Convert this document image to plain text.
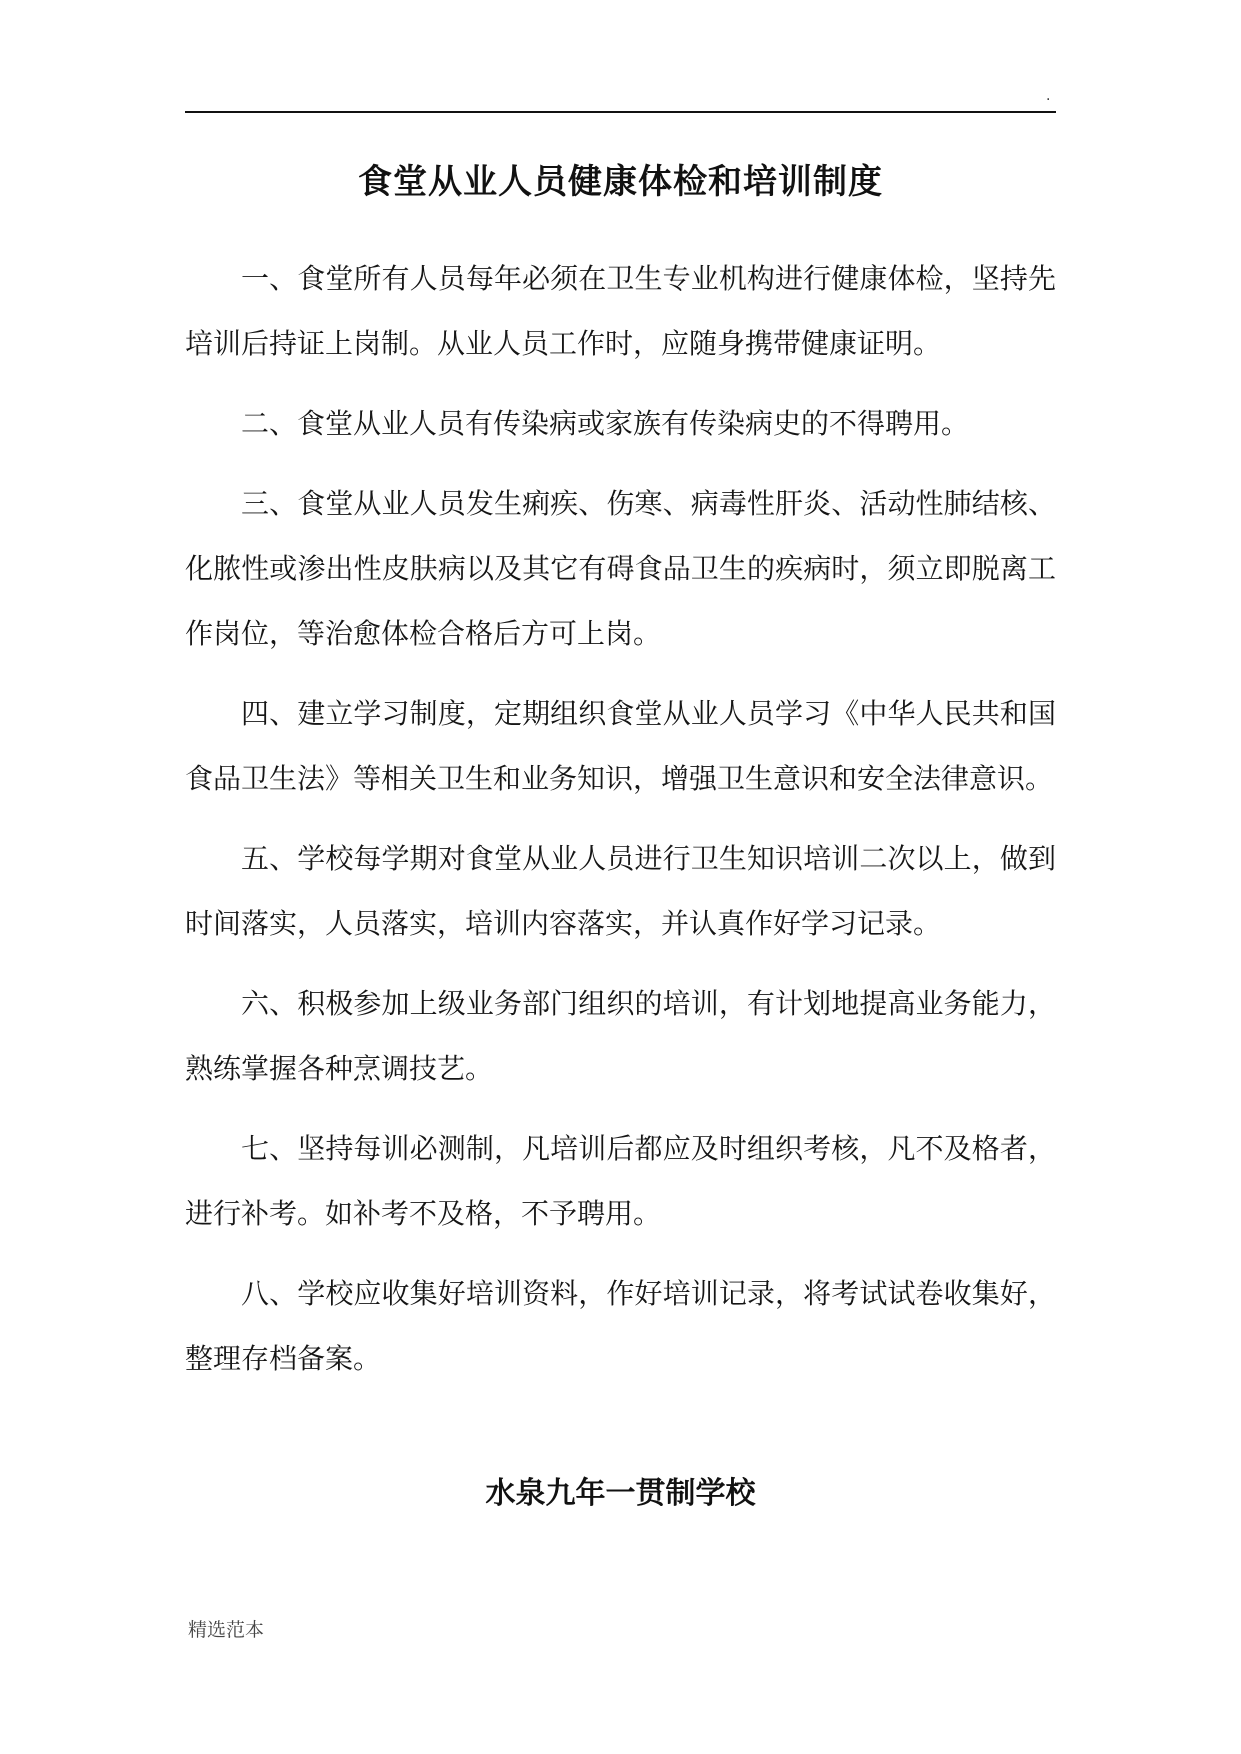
.
食堂从业人员健康体检和培训制度

一、食堂所有人员每年必须在卫生专业机构进行健康体检，坚持先培训后持证上岗制。从业人员工作时，应随身携带健康证明。

二、食堂从业人员有传染病或家族有传染病史的不得聘用。

三、食堂从业人员发生痢疾、伤寒、病毒性肝炎、活动性肺结核、化脓性或渗出性皮肤病以及其它有碍食品卫生的疾病时，须立即脱离工作岗位，等治愈体检合格后方可上岗。

四、建立学习制度，定期组织食堂从业人员学习《中华人民共和国食品卫生法》等相关卫生和业务知识，增强卫生意识和安全法律意识。

五、学校每学期对食堂从业人员进行卫生知识培训二次以上，做到时间落实，人员落实，培训内容落实，并认真作好学习记录。

六、积极参加上级业务部门组织的培训，有计划地提高业务能力，熟练掌握各种烹调技艺。

七、坚持每训必测制，凡培训后都应及时组织考核，凡不及格者，进行补考。如补考不及格，不予聘用。

八、学校应收集好培训资料，作好培训记录，将考试试卷收集好，整理存档备案。

水泉九年一贯制学校
精选范本
